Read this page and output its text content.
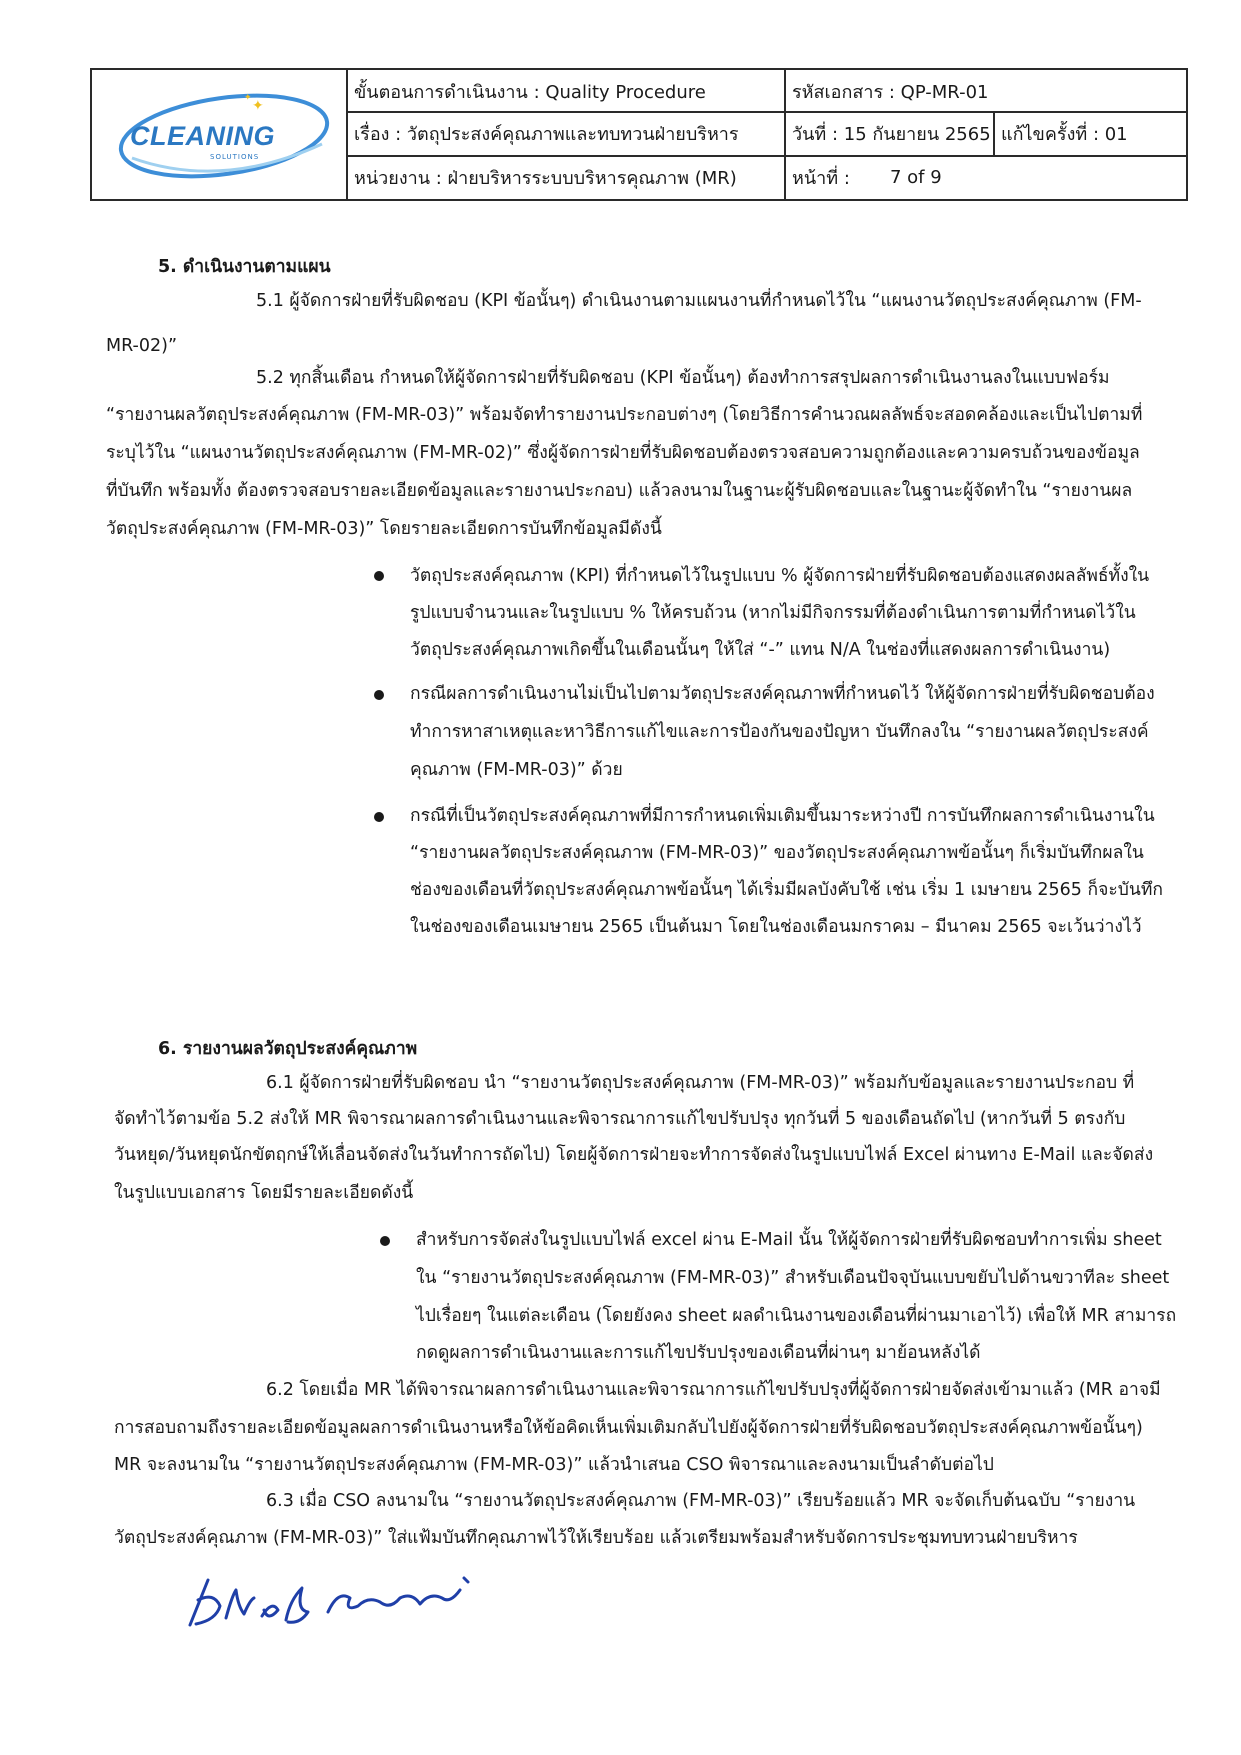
✦
✦
CLEANING
SOLUTIONS
ขั้นตอนการดำเนินงาน : Quality Procedure	รหัสเอกสาร : QP-MR-01
เรื่อง : วัตถุประสงค์คุณภาพและทบทวนฝ่ายบริหาร	วันที่ : 15 กันยายน 2565 แก้ไขครั้งที่ : 01
หน่วยงาน : ฝ่ายบริหารระบบบริหารคุณภาพ (MR)	หน้าที่ :	7 of 9
5. ดำเนินงานตามแผน
5.1 ผู้จัดการฝ่ายที่รับผิดชอบ (KPI ข้อนั้นๆ) ดำเนินงานตามแผนงานที่กำหนดไว้ใน “แผนงานวัตถุประสงค์คุณภาพ (FM-
MR-02)”
5.2 ทุกสิ้นเดือน กำหนดให้ผู้จัดการฝ่ายที่รับผิดชอบ (KPI ข้อนั้นๆ) ต้องทำการสรุปผลการดำเนินงานลงในแบบฟอร์ม
“รายงานผลวัตถุประสงค์คุณภาพ (FM-MR-03)” พร้อมจัดทำรายงานประกอบต่างๆ (โดยวิธีการคำนวณผลลัพธ์จะสอดคล้องและเป็นไปตามที่
ระบุไว้ใน “แผนงานวัตถุประสงค์คุณภาพ (FM-MR-02)” ซึ่งผู้จัดการฝ่ายที่รับผิดชอบต้องตรวจสอบความถูกต้องและความครบถ้วนของข้อมูล
ที่บันทึก พร้อมทั้ง ต้องตรวจสอบรายละเอียดข้อมูลและรายงานประกอบ) แล้วลงนามในฐานะผู้รับผิดชอบและในฐานะผู้จัดทำใน “รายงานผล
วัตถุประสงค์คุณภาพ (FM-MR-03)” โดยรายละเอียดการบันทึกข้อมูลมีดังนี้
วัตถุประสงค์คุณภาพ (KPI) ที่กำหนดไว้ในรูปแบบ % ผู้จัดการฝ่ายที่รับผิดชอบต้องแสดงผลลัพธ์ทั้งใน
รูปแบบจำนวนและในรูปแบบ % ให้ครบถ้วน (หากไม่มีกิจกรรมที่ต้องดำเนินการตามที่กำหนดไว้ใน
วัตถุประสงค์คุณภาพเกิดขึ้นในเดือนนั้นๆ ให้ใส่ “-” แทน N/A ในช่องที่แสดงผลการดำเนินงาน)
กรณีผลการดำเนินงานไม่เป็นไปตามวัตถุประสงค์คุณภาพที่กำหนดไว้ ให้ผู้จัดการฝ่ายที่รับผิดชอบต้อง
ทำการหาสาเหตุและหาวิธีการแก้ไขและการป้องกันของปัญหา บันทึกลงใน “รายงานผลวัตถุประสงค์
คุณภาพ (FM-MR-03)” ด้วย
กรณีที่เป็นวัตถุประสงค์คุณภาพที่มีการกำหนดเพิ่มเติมขึ้นมาระหว่างปี การบันทึกผลการดำเนินงานใน
“รายงานผลวัตถุประสงค์คุณภาพ (FM-MR-03)” ของวัตถุประสงค์คุณภาพข้อนั้นๆ ก็เริ่มบันทึกผลใน
ช่องของเดือนที่วัตถุประสงค์คุณภาพข้อนั้นๆ ได้เริ่มมีผลบังคับใช้ เช่น เริ่ม 1 เมษายน 2565 ก็จะบันทึก
ในช่องของเดือนเมษายน 2565 เป็นต้นมา โดยในช่องเดือนมกราคม – มีนาคม 2565 จะเว้นว่างไว้
6. รายงานผลวัตถุประสงค์คุณภาพ
6.1 ผู้จัดการฝ่ายที่รับผิดชอบ นำ “รายงานวัตถุประสงค์คุณภาพ (FM-MR-03)” พร้อมกับข้อมูลและรายงานประกอบ ที่
จัดทำไว้ตามข้อ 5.2 ส่งให้ MR พิจารณาผลการดำเนินงานและพิจารณาการแก้ไขปรับปรุง ทุกวันที่ 5 ของเดือนถัดไป (หากวันที่ 5 ตรงกับ
วันหยุด/วันหยุดนักขัตฤกษ์ให้เลื่อนจัดส่งในวันทำการถัดไป) โดยผู้จัดการฝ่ายจะทำการจัดส่งในรูปแบบไฟล์ Excel ผ่านทาง E-Mail และจัดส่ง
ในรูปแบบเอกสาร โดยมีรายละเอียดดังนี้
สำหรับการจัดส่งในรูปแบบไฟล์ excel ผ่าน E-Mail นั้น ให้ผู้จัดการฝ่ายที่รับผิดชอบทำการเพิ่ม sheet
ใน “รายงานวัตถุประสงค์คุณภาพ (FM-MR-03)” สำหรับเดือนปัจจุบันแบบขยับไปด้านขวาทีละ sheet
ไปเรื่อยๆ ในแต่ละเดือน (โดยยังคง sheet ผลดำเนินงานของเดือนที่ผ่านมาเอาไว้) เพื่อให้ MR สามารถ
กดดูผลการดำเนินงานและการแก้ไขปรับปรุงของเดือนที่ผ่านๆ มาย้อนหลังได้
6.2 โดยเมื่อ MR ได้พิจารณาผลการดำเนินงานและพิจารณาการแก้ไขปรับปรุงที่ผู้จัดการฝ่ายจัดส่งเข้ามาแล้ว (MR อาจมี
การสอบถามถึงรายละเอียดข้อมูลผลการดำเนินงานหรือให้ข้อคิดเห็นเพิ่มเติมกลับไปยังผู้จัดการฝ่ายที่รับผิดชอบวัตถุประสงค์คุณภาพข้อนั้นๆ)
MR จะลงนามใน “รายงานวัตถุประสงค์คุณภาพ (FM-MR-03)” แล้วนำเสนอ CSO พิจารณาและลงนามเป็นลำดับต่อไป
6.3 เมื่อ CSO ลงนามใน “รายงานวัตถุประสงค์คุณภาพ (FM-MR-03)” เรียบร้อยแล้ว MR จะจัดเก็บต้นฉบับ “รายงาน
วัตถุประสงค์คุณภาพ (FM-MR-03)” ใส่แฟ้มบันทึกคุณภาพไว้ให้เรียบร้อย แล้วเตรียมพร้อมสำหรับจัดการประชุมทบทวนฝ่ายบริหาร
